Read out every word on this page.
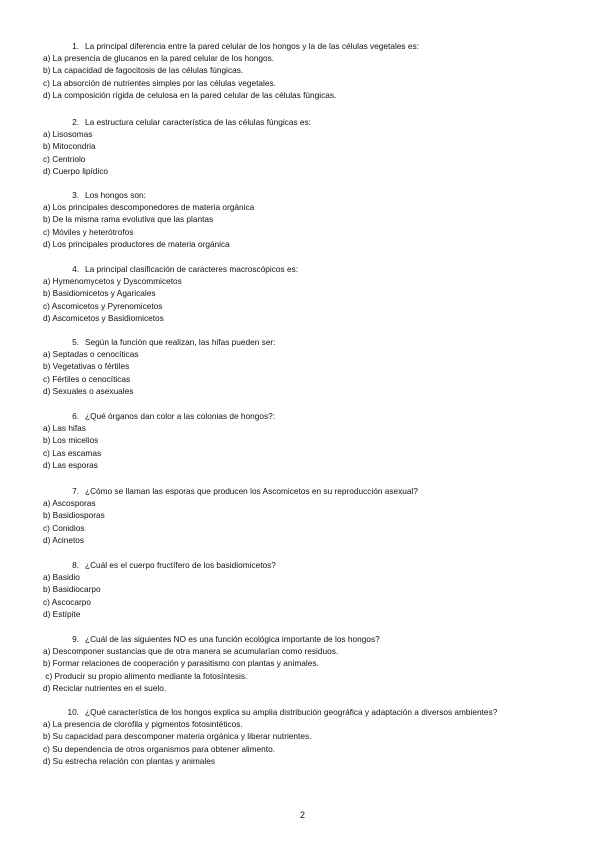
1. La principal diferencia entre la pared celular de los hongos y la de las células vegetales es:
a) La presencia de glucanos en la pared celular de los hongos.
b) La capacidad de fagocitosis de las células fúngicas.
c) La absorción de nutrientes simples por las células vegetales.
d) La composición rígida de celulosa en la pared celular de las células fúngicas.
2. La estructura celular característica de las células fúngicas es:
a) Lisosomas
b) Mitocondria
c) Centriolo
d) Cuerpo lipídico
3. Los hongos son:
a) Los principales descomponedores de materia orgánica
b) De la misma rama evolutiva que las plantas
c) Móviles y heterótrofos
d) Los principales productores de materia orgánica
4. La principal clasificación de caracteres macroscópicos es:
a) Hymenomycetos y Dyscommicetos
b) Basidiomicetos y Agaricales
c) Ascomicetos y Pyrenomicetos
d) Ascomicetos y Basidiomicetos
5. Según la función que realizan, las hifas pueden ser:
a) Septadas o cenocíticas
b) Vegetativas o fértiles
c) Fértiles o cenocíticas
d) Sexuales o asexuales
6. ¿Qué órganos dan color a las colonias de hongos?:
a) Las hifas
b) Los micelios
c) Las escamas
d) Las esporas
7. ¿Cómo se llaman las esporas que producen los Ascomicetos en su reproducción asexual?
a) Ascosporas
b) Basidiosporas
c) Conidios
d) Acinetos
8. ¿Cuál es el cuerpo fructífero de los basidiomicetos?
a) Basidio
b) Basidiocarpo
c) Ascocarpo
d) Estípite
9. ¿Cuál de las siguientes NO es una función ecológica importante de los hongos?
a) Descomponer sustancias que de otra manera se acumularían como residuos.
b) Formar relaciones de cooperación y parasitismo con plantas y animales.
c) Producir su propio alimento mediante la fotosíntesis.
d) Reciclar nutrientes en el suelo.
10. ¿Qué característica de los hongos explica su amplia distribución geográfica y adaptación a diversos ambientes?
a) La presencia de clorofila y pigmentos fotosintéticos.
b) Su capacidad para descomponer materia orgánica y liberar nutrientes.
c) Su dependencia de otros organismos para obtener alimento.
d) Su estrecha relación con plantas y animales
2
